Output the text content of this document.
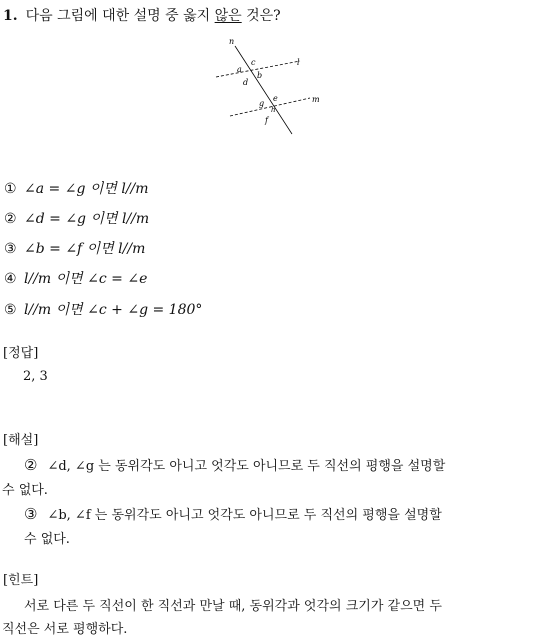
1. 다음 그림에 대한 설명 중 옳지 않은 것은?
n
l
m
a
c
b
d
g
e
h
f
① ∠a = ∠g 이면 l//m
② ∠d = ∠g 이면 l//m
③ ∠b = ∠f 이면 l//m
④ l//m 이면 ∠c = ∠e
⑤ l//m 이면 ∠c + ∠g = 180°
[정답]
2, 3
[해설]
② ∠d, ∠g 는 동위각도 아니고 엇각도 아니므로 두 직선의 평행을 설명할
수 없다.
③ ∠b, ∠f 는 동위각도 아니고 엇각도 아니므로 두 직선의 평행을 설명할
수 없다.
[힌트]
서로 다른 두 직선이 한 직선과 만날 때, 동위각과 엇각의 크기가 같으면 두
직선은 서로 평행하다.
